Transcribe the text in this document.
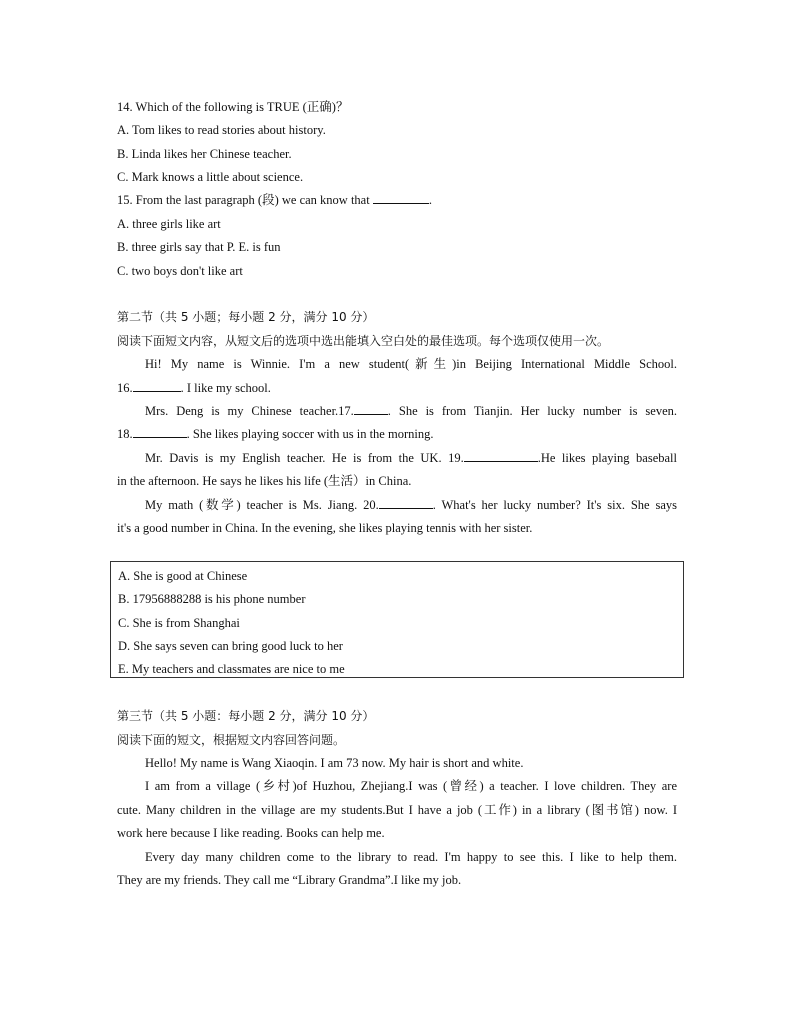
14. Which of the following is TRUE (正确)？
A. Tom likes to read stories about history.
B. Linda likes her Chinese teacher.
C. Mark knows a little about science.
15. From the last paragraph (段) we can know that	.
A. three girls like art
B. three girls say that P. E. is fun
C. two boys don't like art
第二节（共 5 小题；每小题 2 分，满分 10 分）
阅读下面短文内容，从短文后的选项中选出能填入空白处的最佳选项。每个选项仅使用一次。
Hi! My name is Winnie. I'm a new student(新生)in Beijing International Middle School.
16.	. I like my school.
Mrs. Deng is my Chinese teacher.17.	. She is from Tianjin. Her lucky number is seven.
18.	. She likes playing soccer with us in the morning.
Mr. Davis is my English teacher. He is from the UK. 19.	.He likes playing baseball
in the afternoon. He says he likes his life (生活）in China.
My math (数学) teacher is Ms. Jiang. 20.	. What's her lucky number? It's six. She says
it's a good number in China. In the evening, she likes playing tennis with her sister.
A. She is good at Chinese
B. 17956888288 is his phone number
C. She is from Shanghai
D. She says seven can bring good luck to her
E. My teachers and classmates are nice to me
第三节（共 5 小题：每小题 2 分，满分 10 分）
阅读下面的短文，根据短文内容回答问题。
Hello! My name is Wang Xiaoqin. I am 73 now. My hair is short and white.
I am from a village (乡村)of Huzhou, Zhejiang.I was (曾经) a teacher. I love children. They are
cute. Many children in the village are my students.But I have a job (工作) in a library (图书馆) now. I
work here because I like reading. Books can help me.
Every day many children come to the library to read. I'm happy to see this. I like to help them.
They are my friends. They call me “Library Grandma”.I like my job.
